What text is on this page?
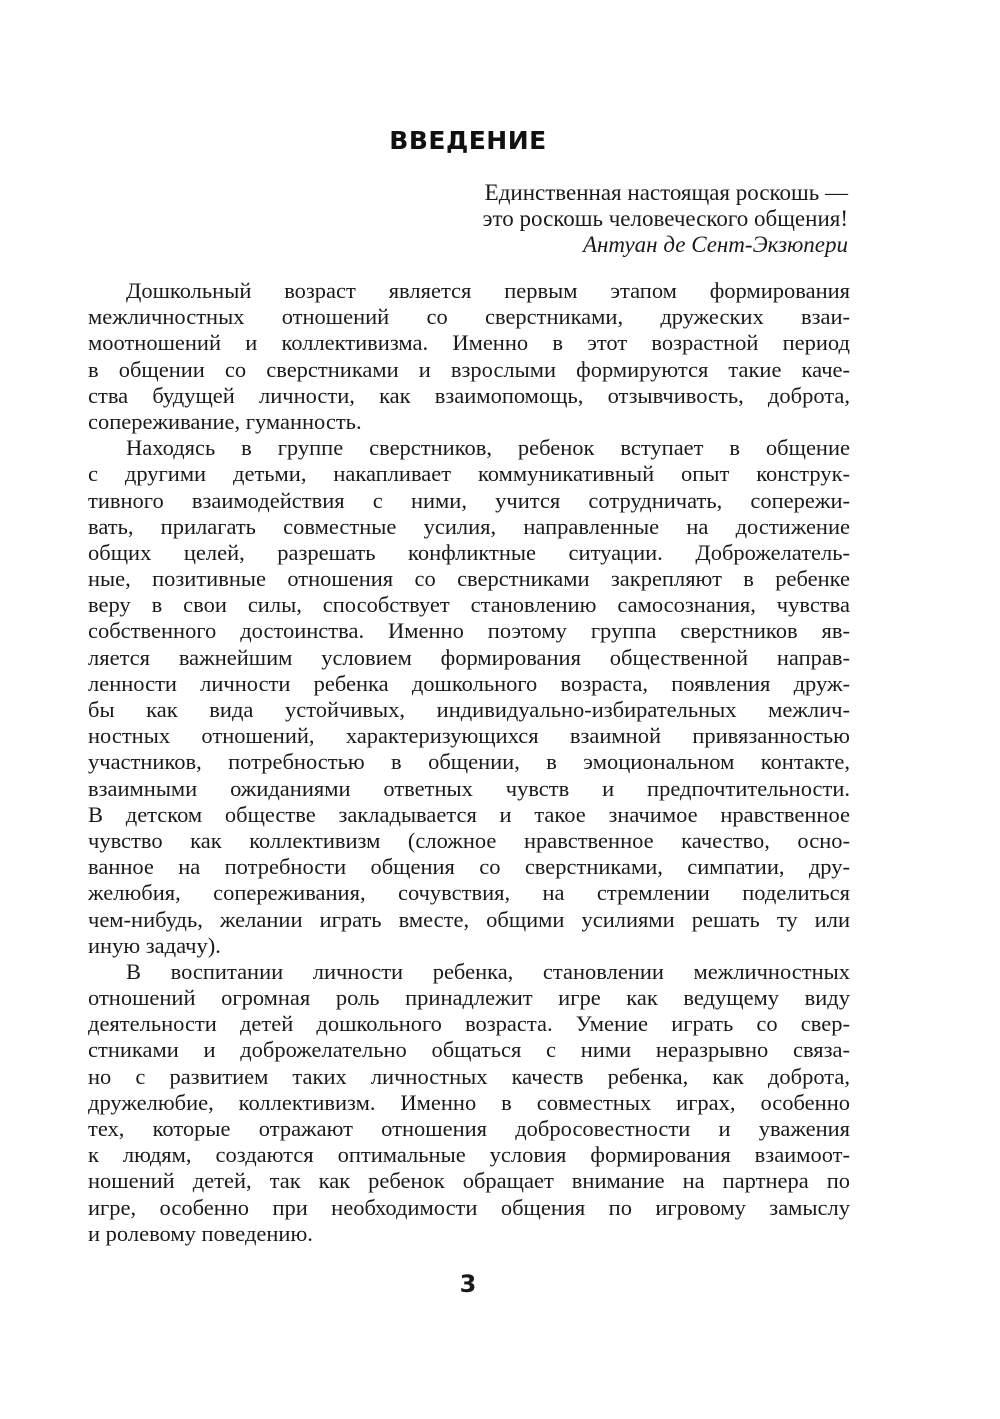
ВВЕДЕНИЕ
Единственная настоящая роскошь —
это роскошь человеческого общения!
Антуан де Сент-Экзюпери
Дошкольный возраст является первым этапом формирования
межличностных отношений со сверстниками, дружеских взаи-
моотношений и коллективизма. Именно в этот возрастной период
в общении со сверстниками и взрослыми формируются такие каче-
ства будущей личности, как взаимопомощь, отзывчивость, доброта,
сопереживание, гуманность.
Находясь в группе сверстников, ребенок вступает в общение
с другими детьми, накапливает коммуникативный опыт конструк-
тивного взаимодействия с ними, учится сотрудничать, сопережи-
вать, прилагать совместные усилия, направленные на достижение
общих целей, разрешать конфликтные ситуации. Доброжелатель-
ные, позитивные отношения со сверстниками закрепляют в ребенке
веру в свои силы, способствует становлению самосознания, чувства
собственного достоинства. Именно поэтому группа сверстников яв-
ляется важнейшим условием формирования общественной направ-
ленности личности ребенка дошкольного возраста, появления друж-
бы как вида устойчивых, индивидуально-избирательных межлич-
ностных отношений, характеризующихся взаимной привязанностью
участников, потребностью в общении, в эмоциональном контакте,
взаимными ожиданиями ответных чувств и предпочтительности.
В детском обществе закладывается и такое значимое нравственное
чувство как коллективизм (сложное нравственное качество, осно-
ванное на потребности общения со сверстниками, симпатии, дру-
желюбия, сопереживания, сочувствия, на стремлении поделиться
чем-нибудь, желании играть вместе, общими усилиями решать ту или
иную задачу).
В воспитании личности ребенка, становлении межличностных
отношений огромная роль принадлежит игре как ведущему виду
деятельности детей дошкольного возраста. Умение играть со свер-
стниками и доброжелательно общаться с ними неразрывно связа-
но с развитием таких личностных качеств ребенка, как доброта,
дружелюбие, коллективизм. Именно в совместных играх, особенно
тех, которые отражают отношения добросовестности и уважения
к людям, создаются оптимальные условия формирования взаимоот-
ношений детей, так как ребенок обращает внимание на партнера по
игре, особенно при необходимости общения по игровому замыслу
и ролевому поведению.
3
